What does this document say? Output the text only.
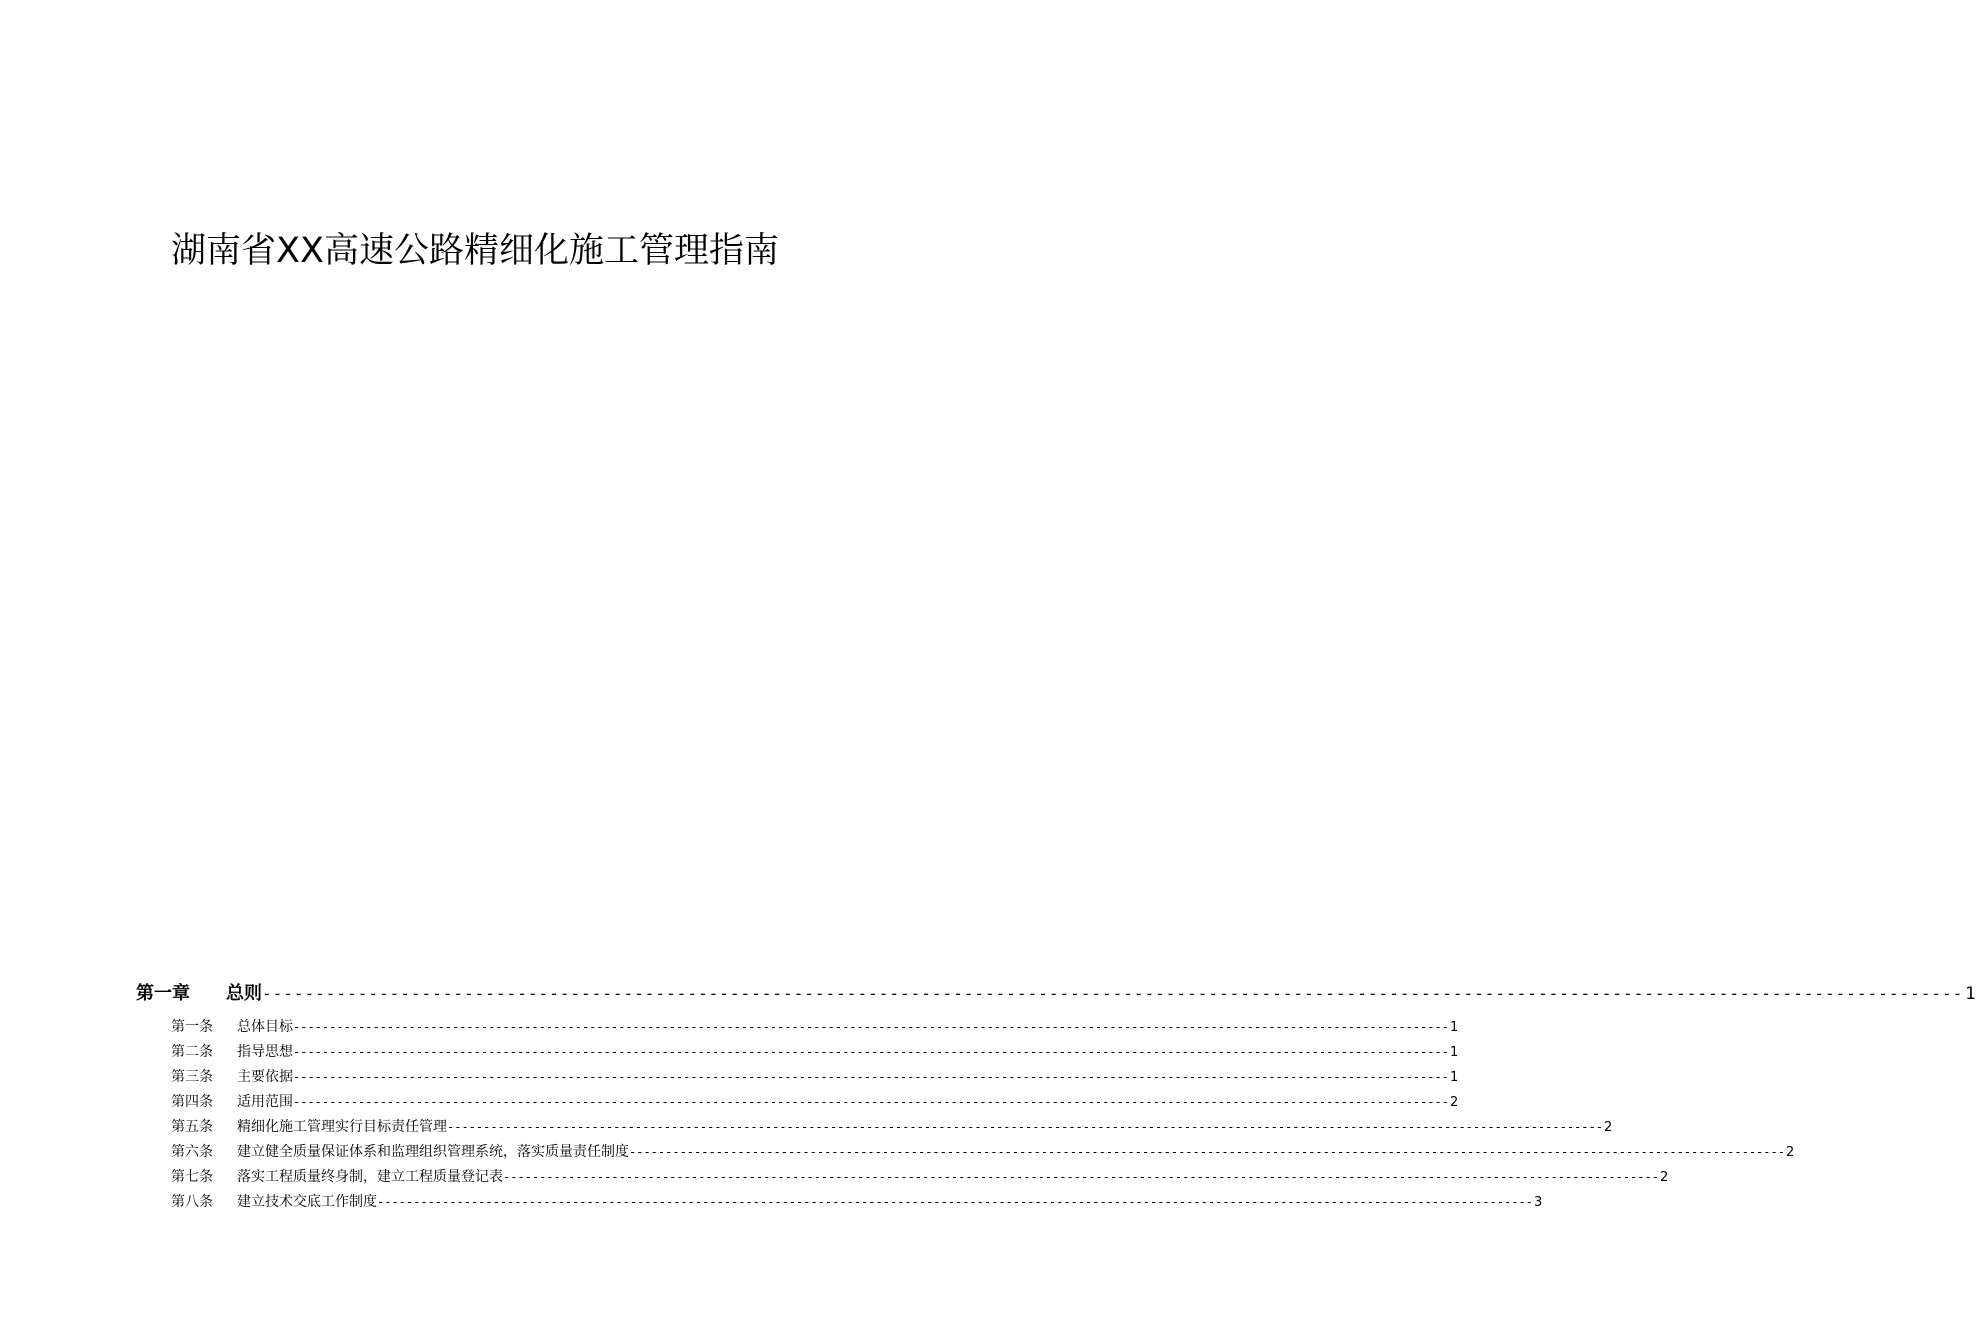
湖南省XX高速公路精细化施工管理指南
第一章	总则 ---------------------------------------------------------------------------------------------------------------------------------------------------------------- 1
第一条	总体目标 ---------------------------------------------------------------------------------------------------------------------------------------------------------------- 1
第二条	指导思想 ---------------------------------------------------------------------------------------------------------------------------------------------------------------- 1
第三条	主要依据 ---------------------------------------------------------------------------------------------------------------------------------------------------------------- 1
第四条	适用范围 ---------------------------------------------------------------------------------------------------------------------------------------------------------------- 2
第五条	精细化施工管理实行目标责任管理 ---------------------------------------------------------------------------------------------------------------------------------------------------------------- 2
第六条	建立健全质量保证体系和监理组织管理系统，落实质量责任制度 ---------------------------------------------------------------------------------------------------------------------------------------------------------------- 2
第七条	落实工程质量终身制，建立工程质量登记表 ---------------------------------------------------------------------------------------------------------------------------------------------------------------- 2
第八条	建立技术交底工作制度 ---------------------------------------------------------------------------------------------------------------------------------------------------------------- 3
